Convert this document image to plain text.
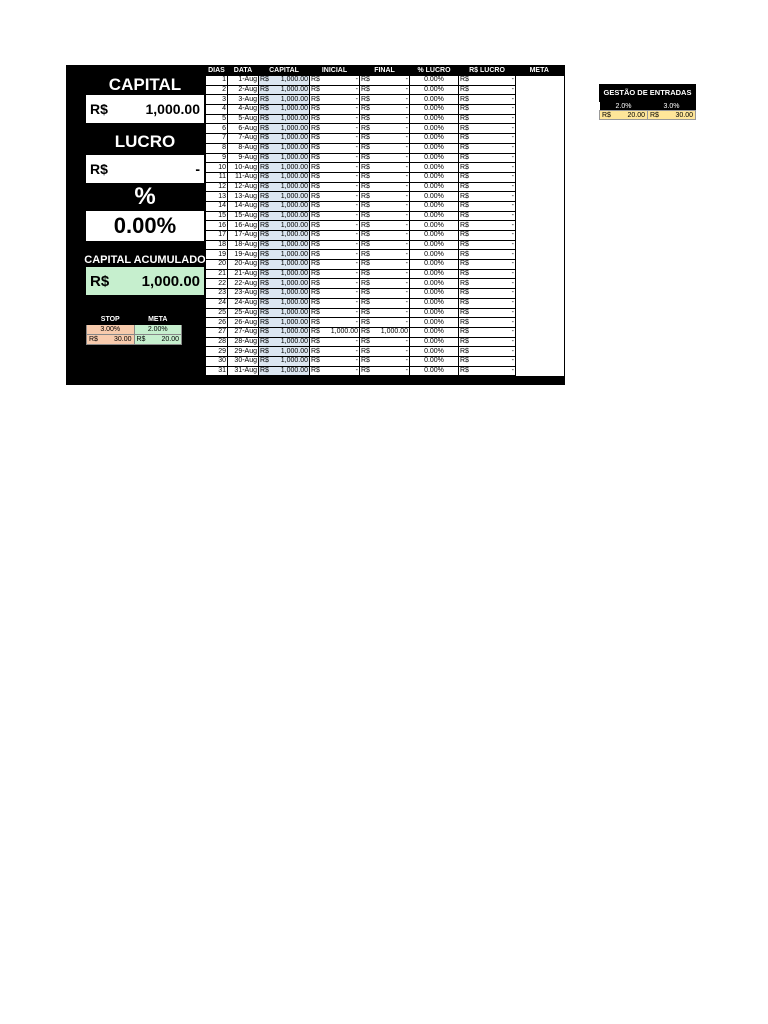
CAPITAL
R$	1,000.00
LUCRO
R$	-
%
0.00%
CAPITAL ACUMULADO
R$ 1,000.00
STOP	META
3.00%	2.00%

R$ 30.00	R$ 20.00
DIAS	DATA	CAPITAL	INICIAL	FINAL	% LUCRO	R$ LUCRO	META
1	1-Aug	R$ 1,000.00	R$ -	R$ -	0.00%	R$ -	

2	2-Aug	R$ 1,000.00	R$ -	R$ -	0.00%	R$ -	

3	3-Aug	R$ 1,000.00	R$ -	R$ -	0.00%	R$ -	

4	4-Aug	R$ 1,000.00	R$ -	R$ -	0.00%	R$ -	

5	5-Aug	R$ 1,000.00	R$ -	R$ -	0.00%	R$ -	

6	6-Aug	R$ 1,000.00	R$ -	R$ -	0.00%	R$ -	

7	7-Aug	R$ 1,000.00	R$ -	R$ -	0.00%	R$ -	

8	8-Aug	R$ 1,000.00	R$ -	R$ -	0.00%	R$ -	

9	9-Aug	R$ 1,000.00	R$ -	R$ -	0.00%	R$ -	

10	10-Aug	R$ 1,000.00	R$ -	R$ -	0.00%	R$ -	

11	11-Aug	R$ 1,000.00	R$ -	R$ -	0.00%	R$ -	

12	12-Aug	R$ 1,000.00	R$ -	R$ -	0.00%	R$ -	

13	13-Aug	R$ 1,000.00	R$ -	R$ -	0.00%	R$ -	

14	14-Aug	R$ 1,000.00	R$ -	R$ -	0.00%	R$ -	

15	15-Aug	R$ 1,000.00	R$ -	R$ -	0.00%	R$ -	

16	16-Aug	R$ 1,000.00	R$ -	R$ -	0.00%	R$ -	

17	17-Aug	R$ 1,000.00	R$ -	R$ -	0.00%	R$ -	

18	18-Aug	R$ 1,000.00	R$ -	R$ -	0.00%	R$ -	

19	19-Aug	R$ 1,000.00	R$ -	R$ -	0.00%	R$ -	

20	20-Aug	R$ 1,000.00	R$ -	R$ -	0.00%	R$ -	

21	21-Aug	R$ 1,000.00	R$ -	R$ -	0.00%	R$ -	

22	22-Aug	R$ 1,000.00	R$ -	R$ -	0.00%	R$ -	

23	23-Aug	R$ 1,000.00	R$ -	R$ -	0.00%	R$ -	

24	24-Aug	R$ 1,000.00	R$ -	R$ -	0.00%	R$ -	

25	25-Aug	R$ 1,000.00	R$ -	R$ -	0.00%	R$ -	

26	26-Aug	R$ 1,000.00	R$ -	R$ -	0.00%	R$ -	

27	27-Aug	R$ 1,000.00	R$ 1,000.00	R$ 1,000.00	0.00%	R$ -	

28	28-Aug	R$ 1,000.00	R$ -	R$ -	0.00%	R$ -	

29	29-Aug	R$ 1,000.00	R$ -	R$ -	0.00%	R$ -	

30	30-Aug	R$ 1,000.00	R$ -	R$ -	0.00%	R$ -	

31	31-Aug	R$ 1,000.00	R$ -	R$ -	0.00%	R$ -	

GESTÃO DE ENTRADAS
2.0%	3.0%

R$ 20.00	R$ 30.00
